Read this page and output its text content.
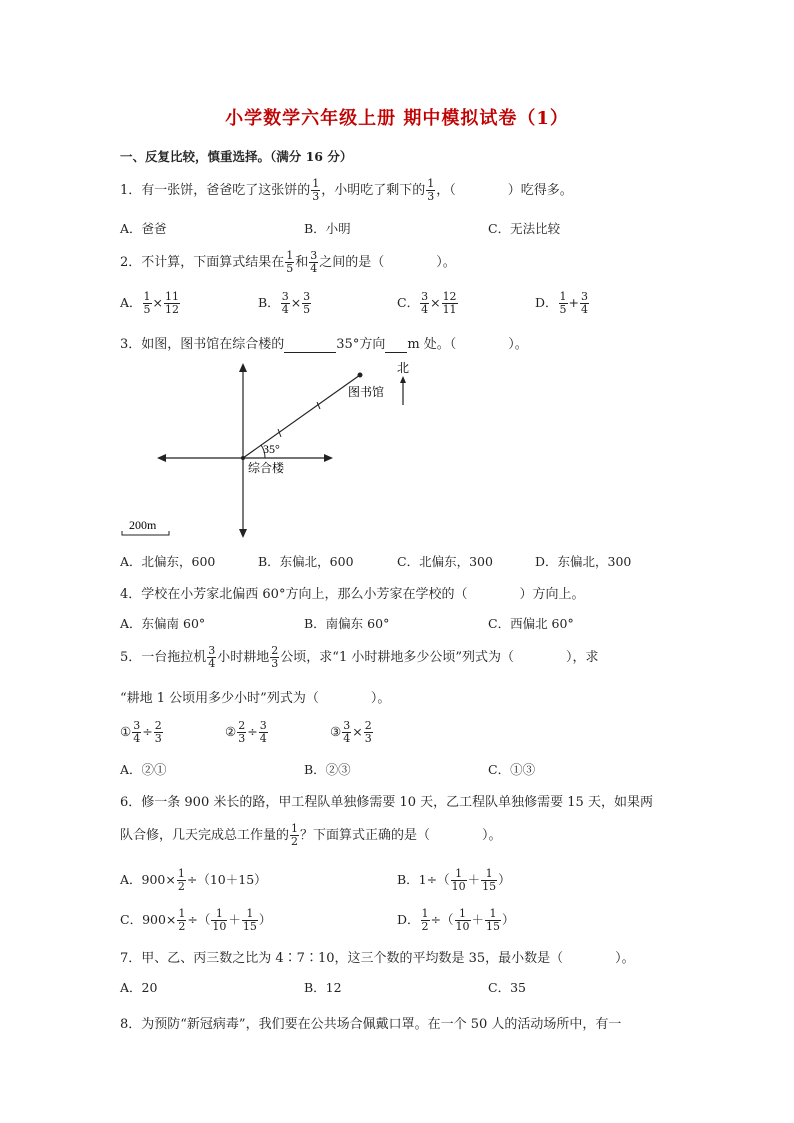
小学数学六年级上册 期中模拟试卷（1）
一、反复比较，慎重选择。（满分 16 分）
1．有一张饼，爸爸吃了这张饼的 $\frac{1}{3}$ ，小明吃了剩下的 $\frac{1}{3}$ ，（　　　　）吃得多。
A．爸爸	B．小明	C．无法比较
2．不计算，下面算式结果在 $\frac{1}{5}$ 和 $\frac{3}{4}$ 之间的是（　　　　）。
A． $\frac{1}{5} \times \frac{11}{12}$	B． $\frac{3}{4} \times \frac{3}{5}$	C． $\frac{3}{4} \times \frac{12}{11}$	D． $\frac{1}{5} + \frac{3}{4}$
3．如图，图书馆在综合楼的	35°方向 m 处。（　　　　）。
35°
综合楼
图书馆
北
200m
A．北偏东，600	B．东偏北，600	C．北偏东，300	D．东偏北，300
4．学校在小芳家北偏西 60°方向上，那么小芳家在学校的（　　　　）方向上。
A．东偏南 60°	B．南偏东 60°	C．西偏北 60°
5．一台拖拉机 $\frac{3}{4}$ 小时耕地 $\frac{2}{3}$ 公顷，求“1 小时耕地多少公顷”列式为（　　　　），求
“耕地 1 公顷用多少小时”列式为（　　　　）。
① $\frac{3}{4} \div \frac{2}{3}$	② $\frac{2}{3} \div \frac{3}{4}$	③ $\frac{3}{4} \times \frac{2}{3}$
A．②①	B．②③	C．①③
6．修一条 900 米长的路，甲工程队单独修需要 10 天，乙工程队单独修需要 15 天，如果两
队合修，几天完成总工作量的 $\frac{1}{2}$ ？下面算式正确的是（　　　　）。
A．$900\times \frac{1}{2} \div(10+15)$	B．$1\div( \frac{1}{10} + \frac{1}{15}$ ）
C．$900\times \frac{1}{2}$ ÷（ $\frac{1}{10} + \frac{1}{15}$ ）	D． $\frac{1}{2}$ ÷（ $\frac{1}{10} + \frac{1}{15}$ ）
7．甲、乙、丙三数之比为 4∶7∶10，这三个数的平均数是 35，最小数是（　　　　）。
A．20	B．12	C．35
8．为预防“新冠病毒”，我们要在公共场合佩戴口罩。在一个 50 人的活动场所中，有一
